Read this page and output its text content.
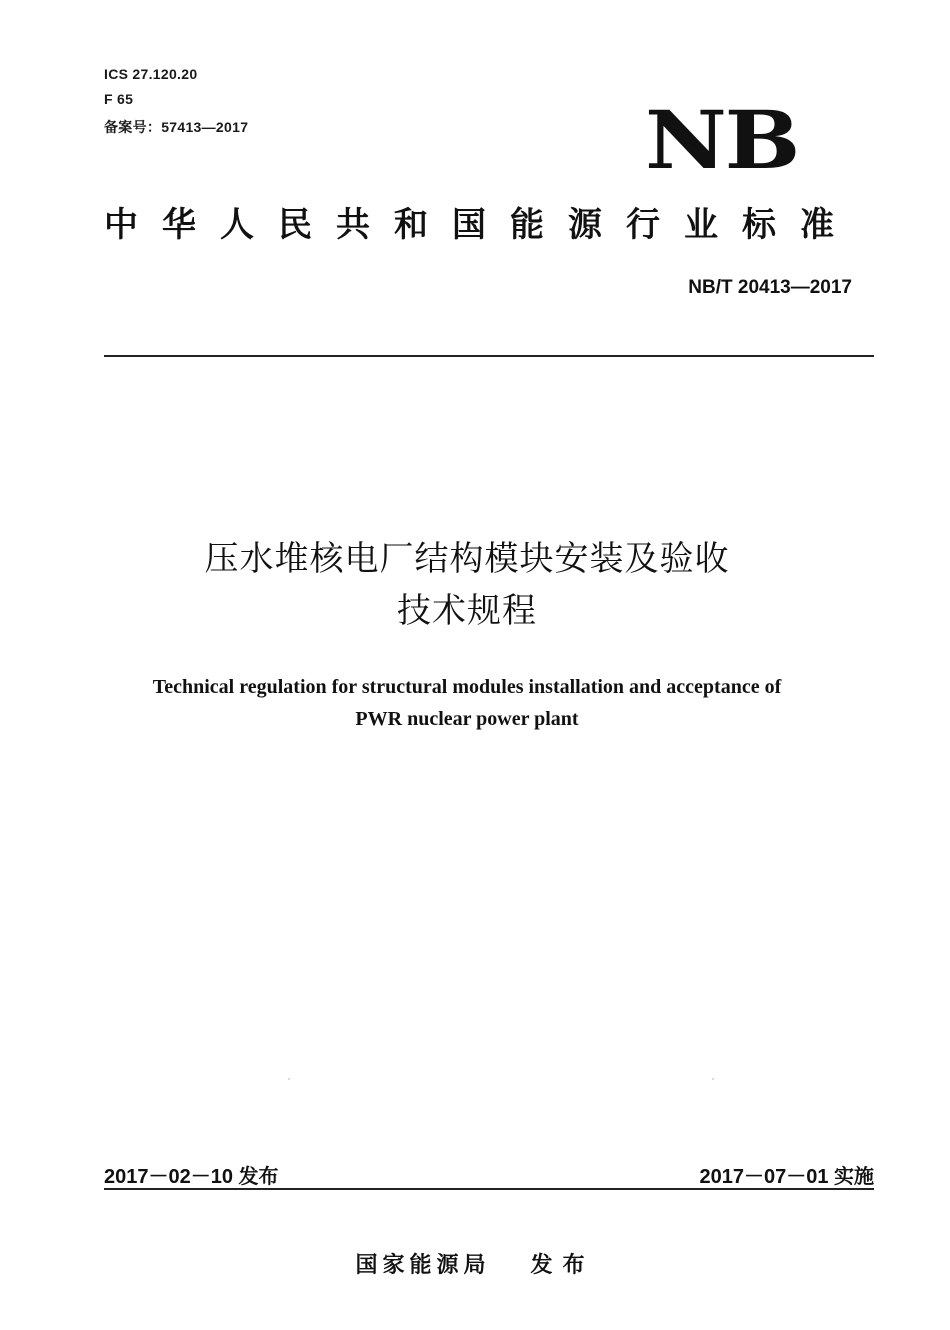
ICS 27.120.20
F 65
备案号：57413—2017	NB
中华人民共和国能源行业标准
NB/T 20413—2017
压水堆核电厂结构模块安装及验收
技术规程
Technical regulation for structural modules installation and acceptance of
PWR nuclear power plant
2017－02－10 发布	2017－07－01 实施
国家能源局 发布
